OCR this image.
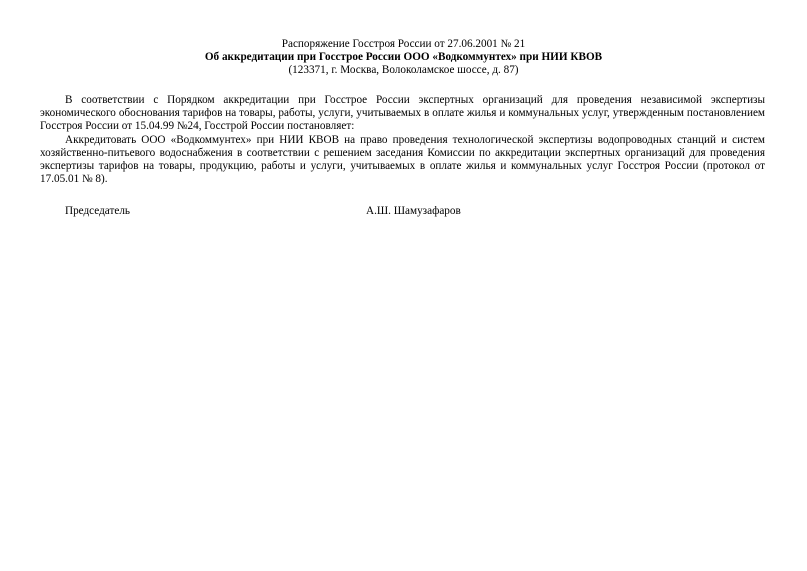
Распоряжение Госстроя России от 27.06.2001 № 21
Об аккредитации при Госстрое России ООО «Водкоммунтех» при НИИ КВОВ
(123371, г. Москва, Волоколамское шоссе, д. 87)

В соответствии с Порядком аккредитации при Госстрое России экспертных организаций для проведения независимой экспертизы экономического обоснования тарифов на товары, работы, услуги, учитываемых в оплате жилья и коммунальных услуг, утвержденным постановлением Госстроя России от 15.04.99 №24, Госстрой России постановляет:

Аккредитовать ООО «Водкоммунтех» при НИИ КВОВ на право проведения технологической экспертизы водопроводных станций и систем хозяйственно-питьевого водоснабжения в соответствии с решением заседания Комиссии по аккредитации экспертных организаций для проведения экспертизы тарифов на товары, продукцию, работы и услуги, учитываемых в оплате жилья и коммунальных услуг Госстроя России (протокол от 17.05.01 № 8).

Председатель	А.Ш. Шамузафаров
